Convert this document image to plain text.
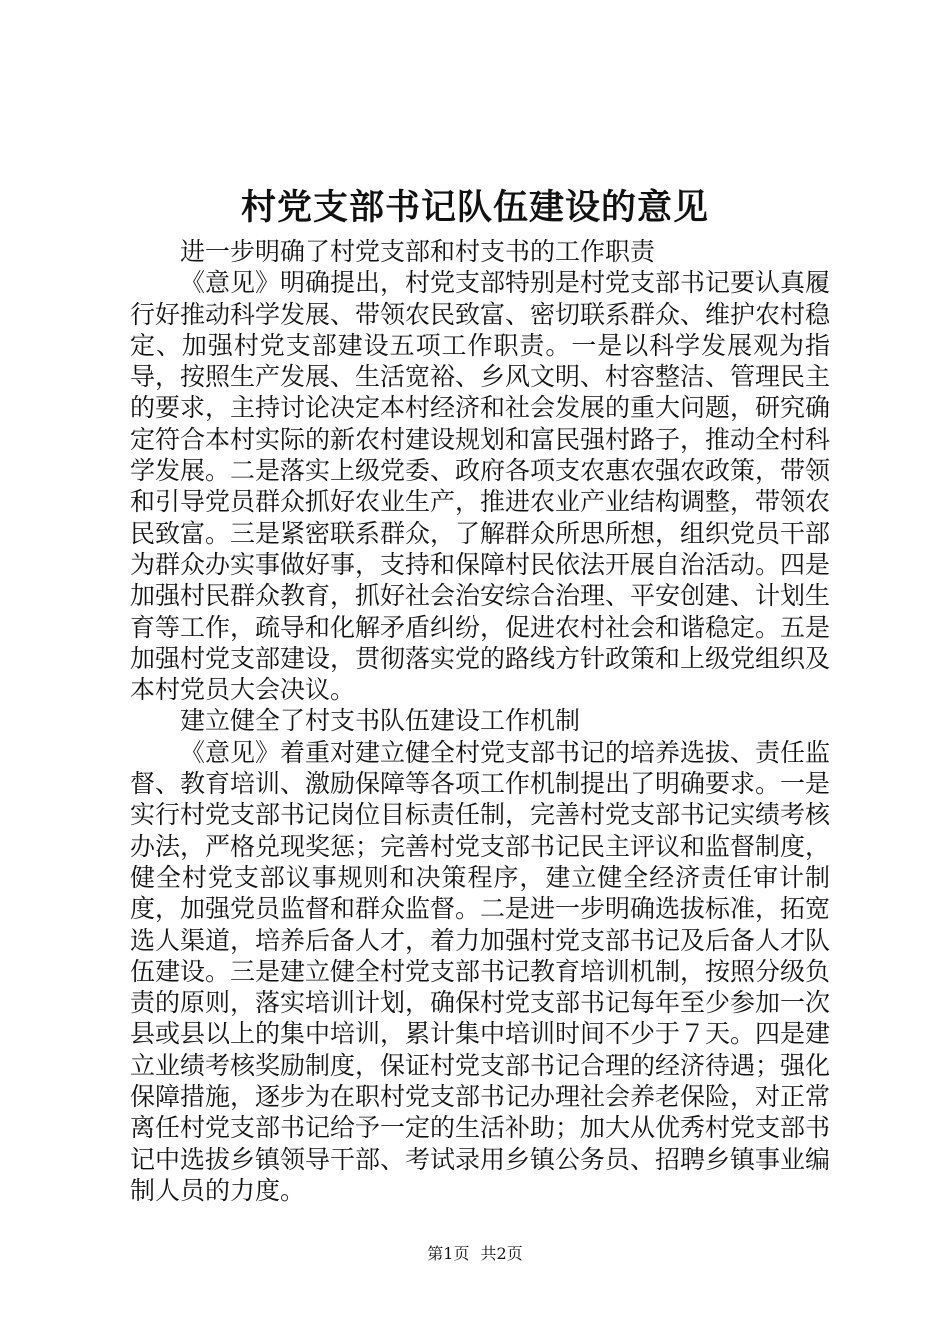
村党支部书记队伍建设的意见

进一步明确了村党支部和村支书的工作职责

《意见》明确提出，村党支部特别是村党支部书记要认真履行好推动科学发展、带领农民致富、密切联系群众、维护农村稳定、加强村党支部建设五项工作职责。一是以科学发展观为指导，按照生产发展、生活宽裕、乡风文明、村容整洁、管理民主的要求，主持讨论决定本村经济和社会发展的重大问题，研究确定符合本村实际的新农村建设规划和富民强村路子，推动全村科学发展。二是落实上级党委、政府各项支农惠农强农政策，带领和引导党员群众抓好农业生产，推进农业产业结构调整，带领农民致富。三是紧密联系群众，了解群众所思所想，组织党员干部为群众办实事做好事，支持和保障村民依法开展自治活动。四是加强村民群众教育，抓好社会治安综合治理、平安创建、计划生育等工作，疏导和化解矛盾纠纷，促进农村社会和谐稳定。五是加强村党支部建设，贯彻落实党的路线方针政策和上级党组织及本村党员大会决议。

建立健全了村支书队伍建设工作机制

《意见》着重对建立健全村党支部书记的培养选拔、责任监督、教育培训、激励保障等各项工作机制提出了明确要求。一是实行村党支部书记岗位目标责任制，完善村党支部书记实绩考核办法，严格兑现奖惩；完善村党支部书记民主评议和监督制度，健全村党支部议事规则和决策程序，建立健全经济责任审计制度，加强党员监督和群众监督。二是进一步明确选拔标准，拓宽选人渠道，培养后备人才，着力加强村党支部书记及后备人才队伍建设。三是建立健全村党支部书记教育培训机制，按照分级负责的原则，落实培训计划，确保村党支部书记每年至少参加一次县或县以上的集中培训，累计集中培训时间不少于７天。四是建立业绩考核奖励制度，保证村党支部书记合理的经济待遇；强化保障措施，逐步为在职村党支部书记办理社会养老保险，对正常离任村党支部书记给予一定的生活补助；加大从优秀村党支部书记中选拔乡镇领导干部、考试录用乡镇公务员、招聘乡镇事业编制人员的力度。

第1页 共2页
